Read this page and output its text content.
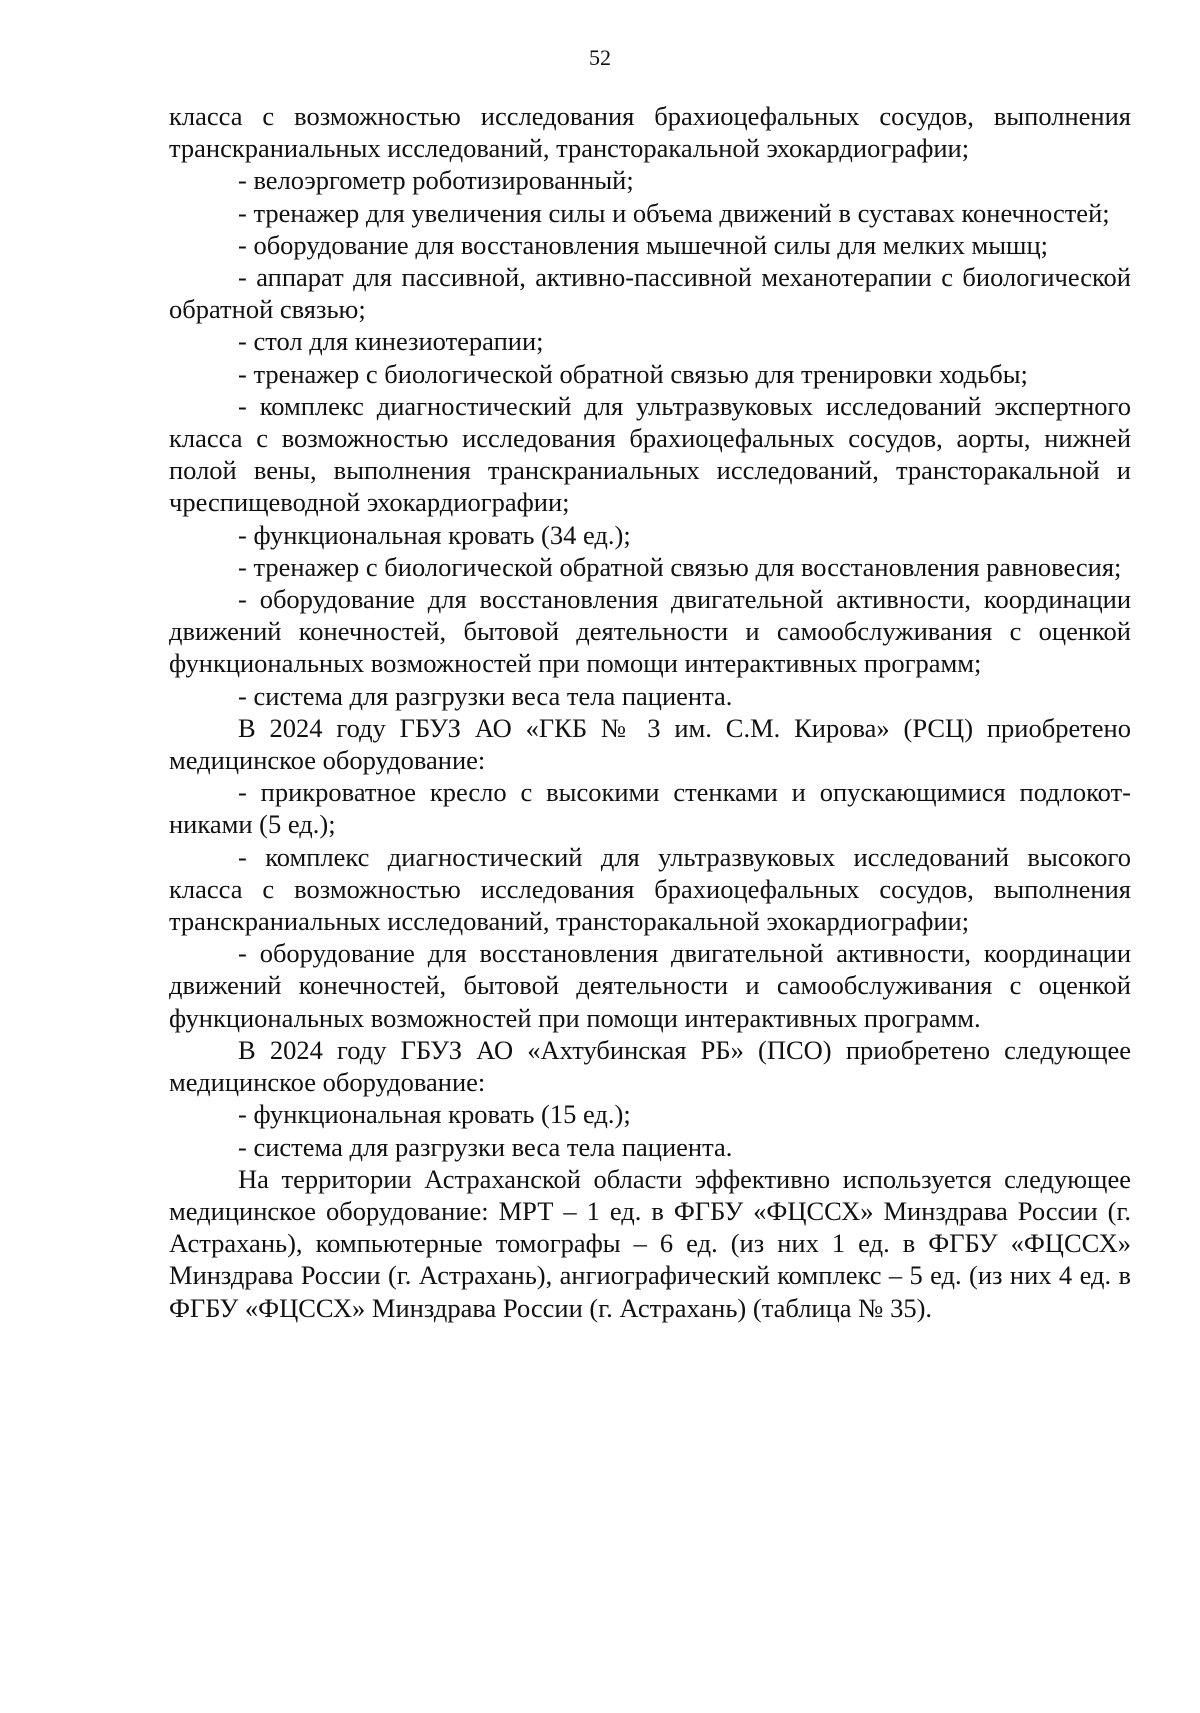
52

класса с возможностью исследования брахиоцефальных сосудов, выполнения транскраниальных исследований, трансторакальной эхокардиографии;

- велоэргометр роботизированный;

- тренажер для увеличения силы и объема движений в суставах конечностей;

- оборудование для восстановления мышечной силы для мелких мышц;

- аппарат для пассивной, активно-пассивной механотерапии с биологической обратной связью;

- стол для кинезиотерапии;

- тренажер с биологической обратной связью для тренировки ходьбы;

- комплекс диагностический для ультразвуковых исследований экспертного класса с возможностью исследования брахиоцефальных сосудов, аорты, нижней полой вены, выполнения транскраниальных исследований, трансторакальной и чреспищеводной эхокардиографии;

- функциональная кровать (34 ед.);

- тренажер с биологической обратной связью для восстановления равновесия;

- оборудование для восстановления двигательной активности, координации движений конечностей, бытовой деятельности и самообслуживания с оценкой функциональных возможностей при помощи интерактивных программ;

- система для разгрузки веса тела пациента.

В 2024 году ГБУЗ АО «ГКБ № 3 им. С.М. Кирова» (РСЦ) приобретено медицинское оборудование:

- прикроватное кресло с высокими стенками и опускающимися подлокотниками (5 ед.);

- комплекс диагностический для ультразвуковых исследований высокого класса с возможностью исследования брахиоцефальных сосудов, выполнения транскраниальных исследований, трансторакальной эхокардиографии;

- оборудование для восстановления двигательной активности, координации движений конечностей, бытовой деятельности и самообслуживания с оценкой функциональных возможностей при помощи интерактивных программ.

В 2024 году ГБУЗ АО «Ахтубинская РБ» (ПСО) приобретено следующее медицинское оборудование:

- функциональная кровать (15 ед.);

- система для разгрузки веса тела пациента.

На территории Астраханской области эффективно используется следующее медицинское оборудование: МРТ – 1 ед. в ФГБУ «ФЦССХ» Минздрава России (г. Астрахань), компьютерные томографы – 6 ед. (из них 1 ед. в ФГБУ «ФЦССХ» Минздрава России (г. Астрахань), ангиографический комплекс – 5 ед. (из них 4 ед. в ФГБУ «ФЦССХ» Минздрава России (г. Астрахань) (таблица № 35).
